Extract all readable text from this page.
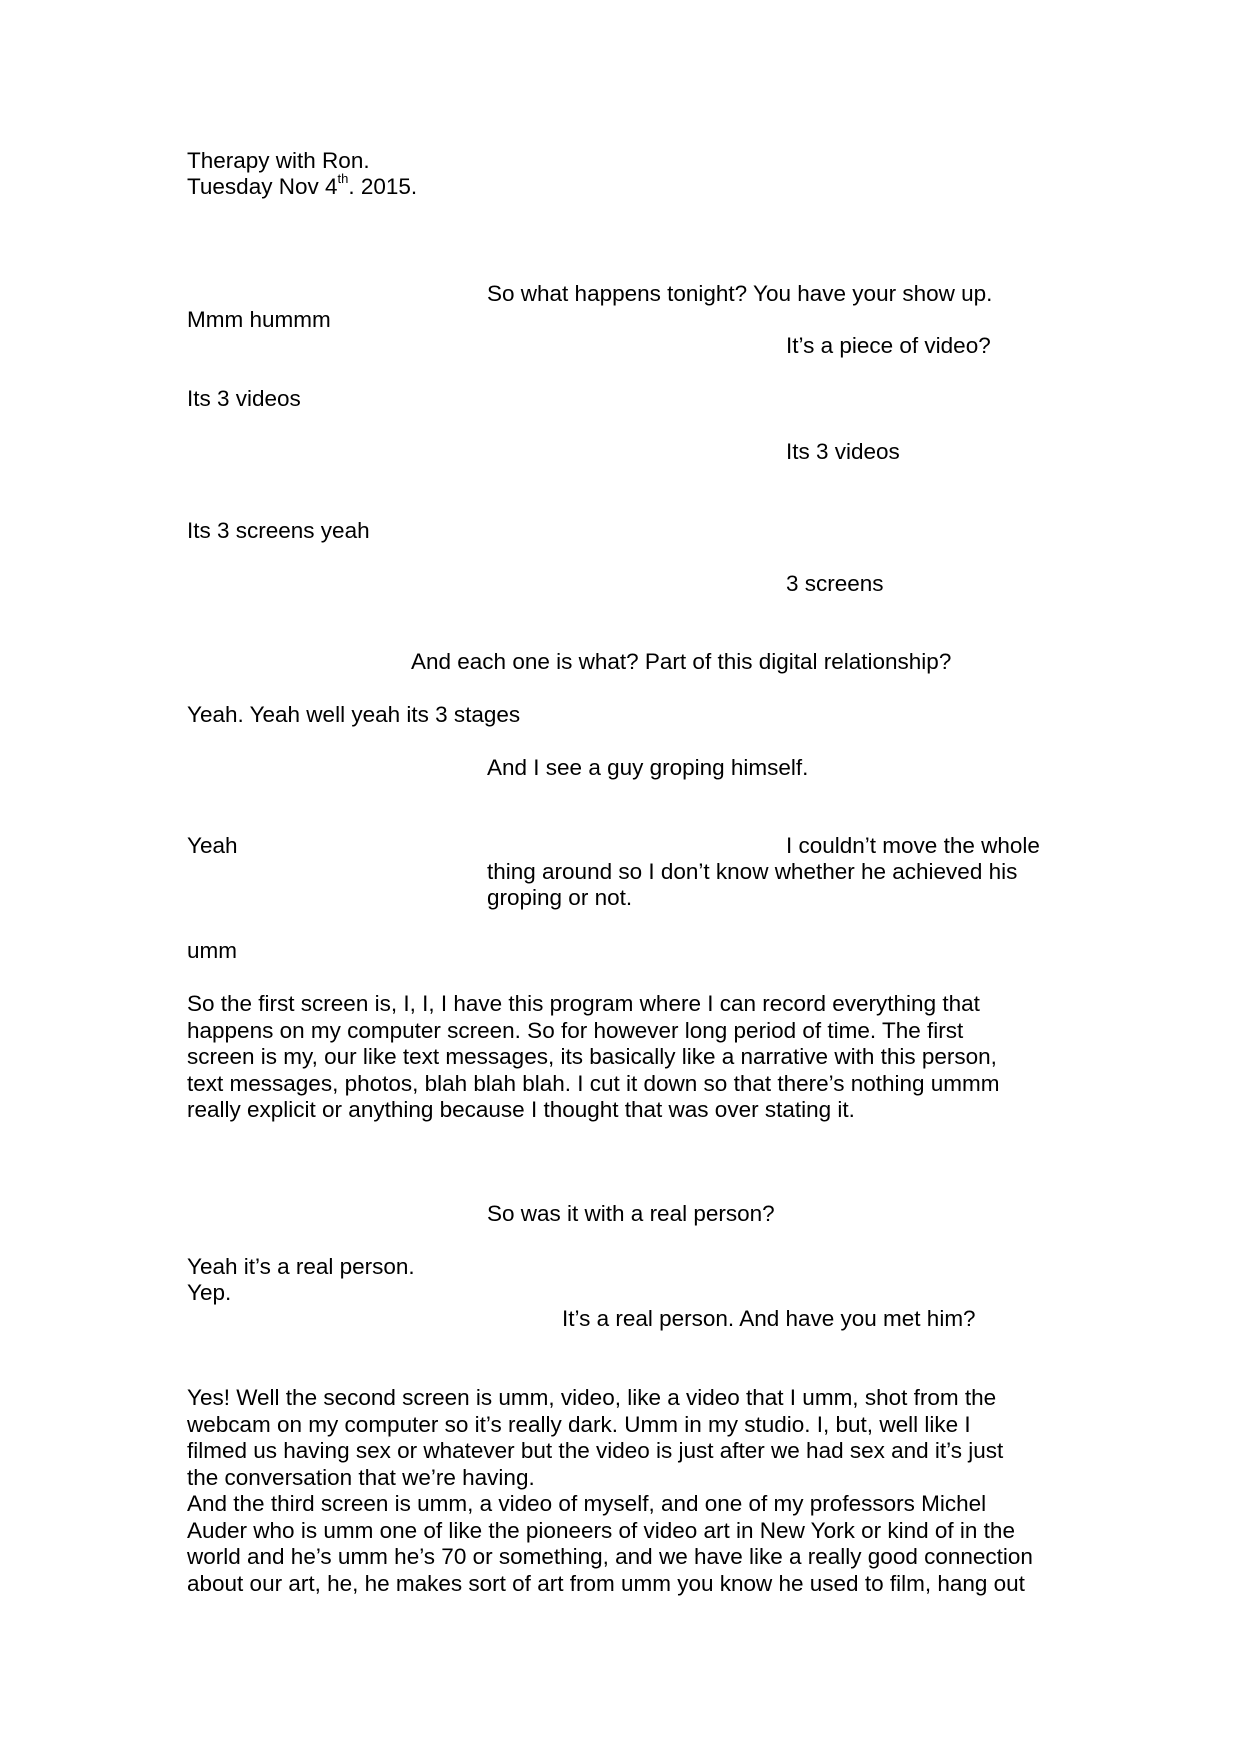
Therapy with Ron.
Tuesday Nov 4th. 2015.
So what happens tonight? You have your show up.
Mmm hummm
It’s a piece of video?
Its 3 videos
Its 3 videos
Its 3 screens yeah
3 screens
And each one is what? Part of this digital relationship?
Yeah. Yeah well yeah its 3 stages
And I see a guy groping himself.
Yeah	I couldn’t move the whole
thing around so I don’t know whether he achieved his
groping or not.
umm
So the first screen is, I, I, I have this program where I can record everything that
happens on my computer screen. So for however long period of time. The first
screen is my, our like text messages, its basically like a narrative with this person,
text messages, photos, blah blah blah. I cut it down so that there’s nothing ummm
really explicit or anything because I thought that was over stating it.
So was it with a real person?
Yeah it’s a real person.
Yep.
It’s a real person. And have you met him?
Yes! Well the second screen is umm, video, like a video that I umm, shot from the
webcam on my computer so it’s really dark. Umm in my studio. I, but, well like I
filmed us having sex or whatever but the video is just after we had sex and it’s just
the conversation that we’re having.
And the third screen is umm, a video of myself, and one of my professors Michel
Auder who is umm one of like the pioneers of video art in New York or kind of in the
world and he’s umm he’s 70 or something, and we have like a really good connection
about our art, he, he makes sort of art from umm you know he used to film, hang out
